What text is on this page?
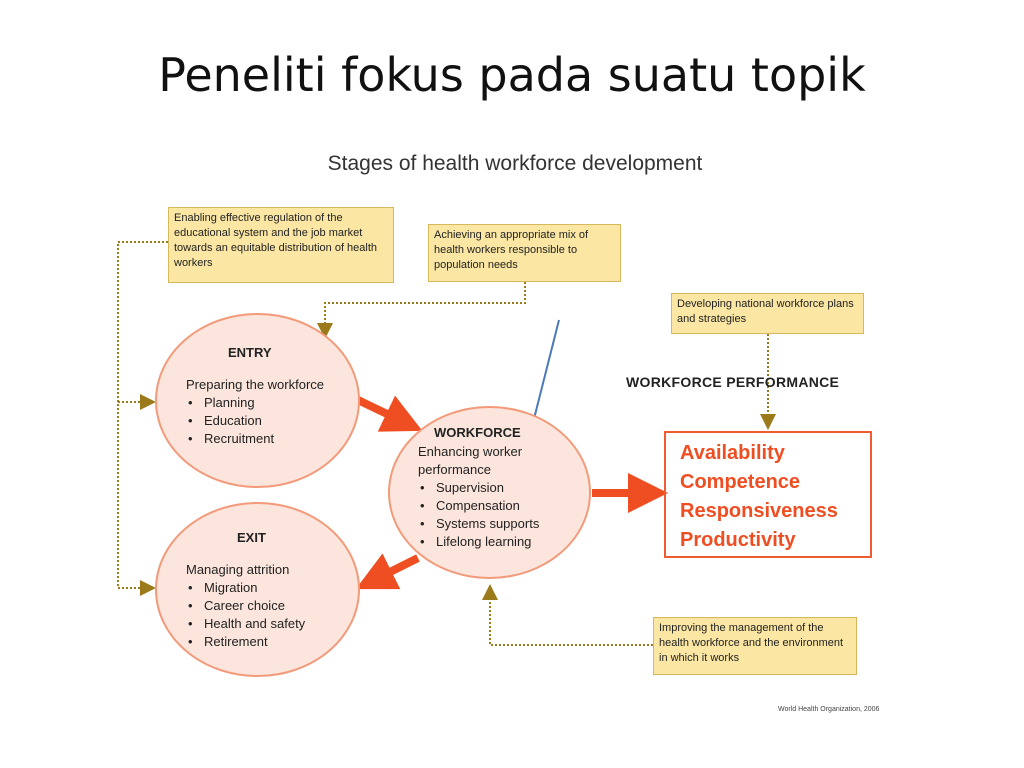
Peneliti fokus pada suatu topik
Stages of health workforce development
Enabling effective regulation of the educational system and the job market towards an equitable distribution of health workers
Achieving an appropriate mix of health workers responsible to population needs
Developing national workforce plans and strategies
Improving the management of the health workforce and the environment in which it works
ENTRY
Preparing the workforce
• Planning
• Education
• Recruitment	WORKFORCE
Enhancing worker performance
• Supervision
• Compensation
• Systems supports
• Lifelong learning
EXIT
Managing attrition
• Migration
• Career choice
• Health and safety
• Retirement
WORKFORCE PERFORMANCE
Availability
Competence
Responsiveness
Productivity
World Health Organization, 2006
